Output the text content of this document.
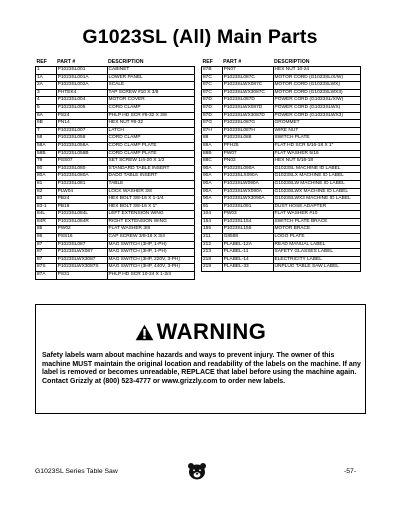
G1023SL (All) Main Parts
REF	PART #	DESCRIPTION
1	P1023SL001	CABINET
1A	P1023SL001A	LOWER PANEL
2A	P1023SL002A	SCALE
3	PHTEK4	TAP SCREW #10 X 3/8
4	P1023SL004	MOTOR COVER
5	P1023SL005	CORD CLAMP
6A	PS24	PHLP HD SCR #8-32 X 3/8
6B	PN14	HEX NUT #8-32
7	P1023SL007	LATCH
58	P1023SL058	CORD CLAMP
58A	P1023SL058A	CORD CLAMP PLATE
58B	P1023SL058B	CORD CLAMP PLATE
79	PSS07	SET SCREW 1/4-20 X 1/2
80	P1023SL080	STANDARD TABLE INSERT
80A	P1023SL080A	DADO TABLE INSERT
81	P1023SL081	TABLE
82	PLW04	LOCK WASHER 3/8
83	PB24	HEX BOLT 3/8-16 X 1-1/4
83-1	PB18	HEX BOLT 3/8-16 X 1"
84L	P1023SL084L	LEFT EXTENSION WING
84R	P1023SL084R	RIGHT EXTENSION WING
85	PW02	FLAT WASHER 3/8
86	PSS16	CAP SCREW 3/8-16 X 3/4
87	P1023SL087	MAG SWITCH (3HP, 1-PH)
87	P1023SLWX087	MAG SWITCH (3HP, 1-PH)
87	P1023SLWX3087	MAG SWITCH (3HP, 220V, 3-PH)
87S	P1023SLWX3087S	MAG SWITCH (3HP, 440V, 3-PH)
87A	PS31	PHLP HD SCR 10-24 X 1-3/4
REF	PART #	DESCRIPTION
87B	PN07	HEX NUT 10-24
87C	P1023SL087C	MOTOR CORD (G1023SL/X/W)
87C	P1023SLWX087C	MOTOR CORD (G1023SLWX)
87C	P1023SLWX3087C	MOTOR CORD (G1023SLWX3)
87D	P1023SL087D	POWER CORD (G1023SL/X/W)
87D	P1023SLWX087D	POWER CORD (G1023SLWX)
87D	P1023SLWX3087D	POWER CORD (G1023SLWX3)
87G	P1023SL087G	GROMMET
87H	P1023SL087H	WIRE NUT
88	P1023SL088	SWITCH PLATE
88A	PFH25	FLAT HD SCR 5/16-18 X 1"
88B	PW07	FLAT WASHER 5/16
88C	PN02	HEX NUT 5/16-18
90A	P1023SL090A	G1023SL MACHINE ID LABEL
90A	P1023SLX090A	G1023SLX MACHINE ID LABEL
90A	P1023SLW090A	G1023SLW MACHINE ID LABEL
90A	P1023SLWX090A	G1023SLWX MACHINE ID LABEL
90A	P1023SLWX3090A	G1023SLWX3 MACHINE ID LABEL
91	P1023SL091	DUST HOSE ADAPTER
104	PW03	FLAT WASHER #10
154	P1023SL154	SWITCH PLATE BRACE
155	P1023SL155	MOTOR BRACE
211	G8588	LOGO PLATE
212	PLABEL-12A	READ MANUAL LABEL
213	PLABEL-11	SAFETY GLASSES LABEL
218	PLABEL-14	ELECTRICITY LABEL
219	PLABEL-33	UNPLUG TABLE SAW LABEL
WARNING

Safety labels warn about machine hazards and ways to prevent injury. The owner of this machine MUST maintain the original location and readability of the labels on the machine. If any label is removed or becomes unreadable, REPLACE that label before using the machine again. Contact Grizzly at (800) 523-4777 or www.grizzly.com to order new labels.

G1023SL Series Table Saw	-57-
